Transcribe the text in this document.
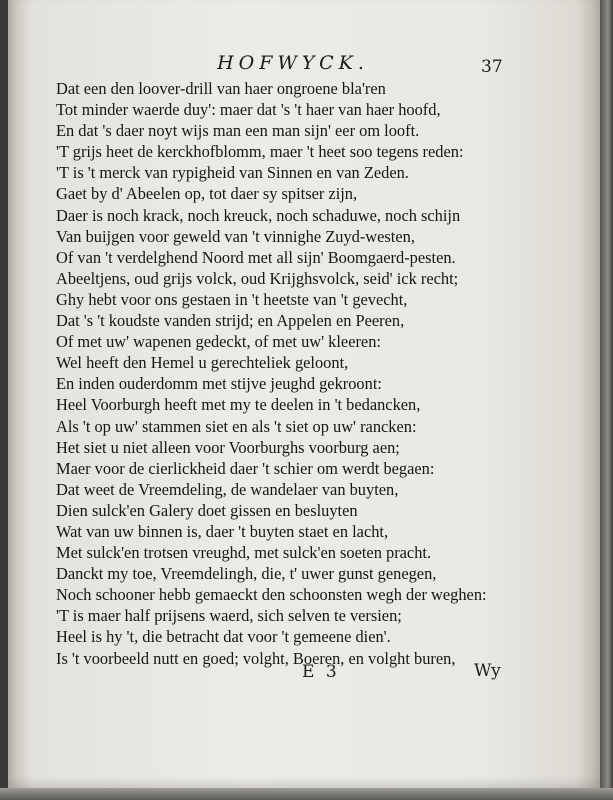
HOFWYCK.	37
Dat een den loover-drill van haer ongroene bla'ren
Tot minder waerde duy': maer dat 's 't haer van haer hoofd,
En dat 's daer noyt wijs man een man sijn' eer om looft.
'T grijs heet de kerckhofblomm, maer 't heet soo tegens reden:
'T is 't merck van rypigheid van Sinnen en van Zeden.
Gaet by d' Abeelen op, tot daer sy spitser zijn,
Daer is noch krack, noch kreuck, noch schaduwe, noch schijn
Van buijgen voor geweld van 't vinnighe Zuyd-westen,
Of van 't verdelghend Noord met all sijn' Boomgaerd-pesten.
Abeeltjens, oud grijs volck, oud Krijghsvolck, seid' ick recht;
Ghy hebt voor ons gestaen in 't heetste van 't gevecht,
Dat 's 't koudste vanden strijd; en Appelen en Peeren,
Of met uw' wapenen gedeckt, of met uw' kleeren:
Wel heeft den Hemel u gerechteliek geloont,
En inden ouderdomm met stijve jeughd gekroont:
Heel Voorburgh heeft met my te deelen in 't bedancken,
Als 't op uw' stammen siet en als 't siet op uw' rancken:
Het siet u niet alleen voor Voorburghs voorburg aen;
Maer voor de cierlickheid daer 't schier om werdt begaen:
Dat weet de Vreemdeling, de wandelaer van buyten,
Dien sulck'en Galery doet gissen en besluyten
Wat van uw binnen is, daer 't buyten staet en lacht,
Met sulck'en trotsen vreughd, met sulck'en soeten pracht.
Danckt my toe, Vreemdelingh, die, t' uwer gunst genegen,
Noch schooner hebb gemaeckt den schoonsten wegh der weghen:
'T is maer half prijsens waerd, sich selven te versien;
Heel is hy 't, die betracht dat voor 't gemeene dien'.
Is 't voorbeeld nutt en goed; volght, Boeren, en volght buren,
E 3	Wy
